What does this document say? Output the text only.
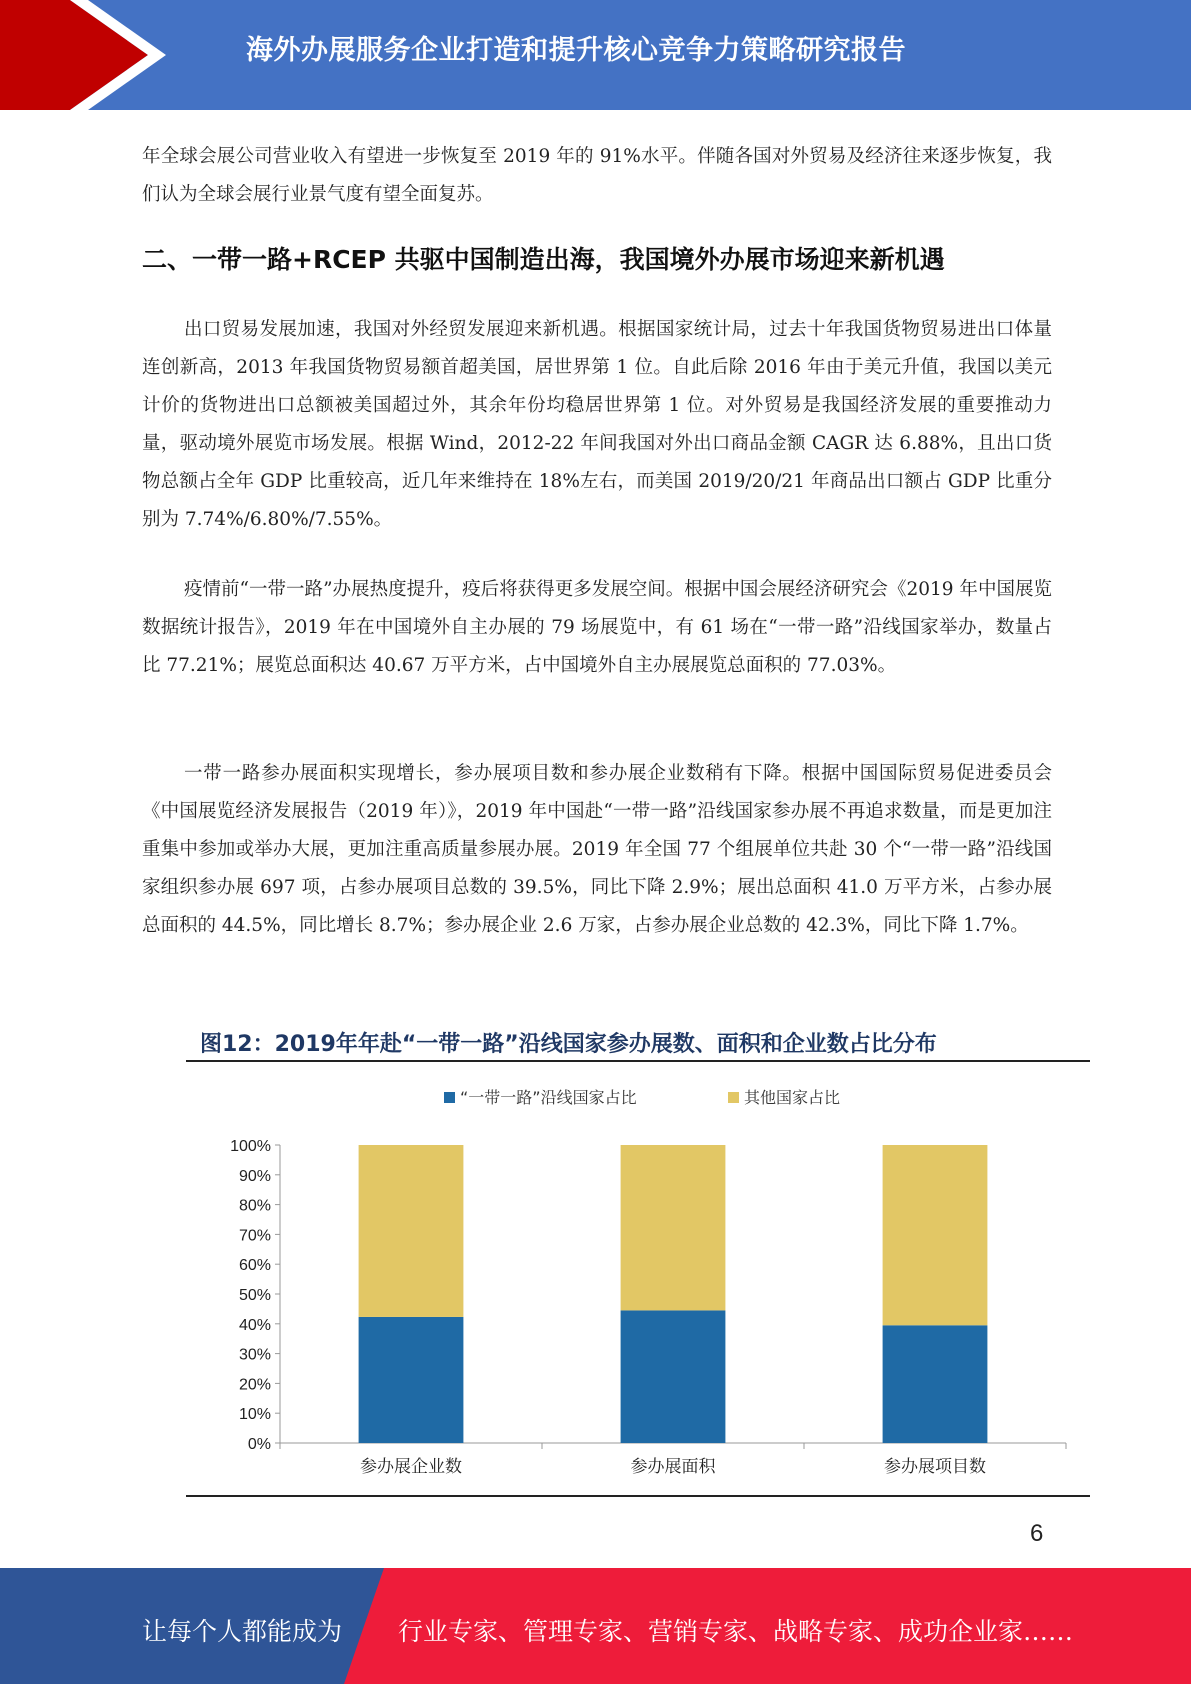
海外办展服务企业打造和提升核心竞争力策略研究报告

年全球会展公司营业收入有望进一步恢复至 2019 年的 91%水平。伴随各国对外贸易及经济往来逐步恢复，我们认为全球会展行业景气度有望全面复苏。

二、一带一路+RCEP 共驱中国制造出海，我国境外办展市场迎来新机遇

出口贸易发展加速，我国对外经贸发展迎来新机遇。根据国家统计局，过去十年我国货物贸易进出口体量连创新高，2013 年我国货物贸易额首超美国，居世界第 1 位。自此后除 2016 年由于美元升值，我国以美元计价的货物进出口总额被美国超过外，其余年份均稳居世界第 1 位。对外贸易是我国经济发展的重要推动力量，驱动境外展览市场发展。根据 Wind，2012-22 年间我国对外出口商品金额 CAGR 达 6.88%，且出口货物总额占全年 GDP 比重较高，近几年来维持在 18%左右，而美国 2019/20/21 年商品出口额占 GDP 比重分别为 7.74%/6.80%/7.55%。

疫情前“一带一路”办展热度提升，疫后将获得更多发展空间。根据中国会展经济研究会《2019 年中国展览数据统计报告》，2019 年在中国境外自主办展的 79 场展览中，有 61 场在“一带一路”沿线国家举办，数量占比 77.21%；展览总面积达 40.67 万平方米，占中国境外自主办展展览总面积的 77.03%。

一带一路参办展面积实现增长，参办展项目数和参办展企业数稍有下降。根据中国国际贸易促进委员会《中国展览经济发展报告（2019 年）》，2019 年中国赴“一带一路”沿线国家参办展不再追求数量，而是更加注重集中参加或举办大展，更加注重高质量参展办展。2019 年全国 77 个组展单位共赴 30 个“一带一路”沿线国家组织参办展 697 项，占参办展项目总数的 39.5%，同比下降 2.9%；展出总面积 41.0 万平方米，占参办展总面积的 44.5%，同比增长 8.7%；参办展企业 2.6 万家，占参办展企业总数的 42.3%，同比下降 1.7%。

图12：2019年年赴“一带一路”沿线国家参办展数、面积和企业数占比分布
“一带一路”沿线国家占比	其他国家占比
0%
10%
20%
30%
40%
50%
60%
70%
80%
90%
100%
参办展企业数	参办展面积	参办展项目数
6
让每个人都能成为 行业专家、管理专家、营销专家、战略专家、成功企业家……
